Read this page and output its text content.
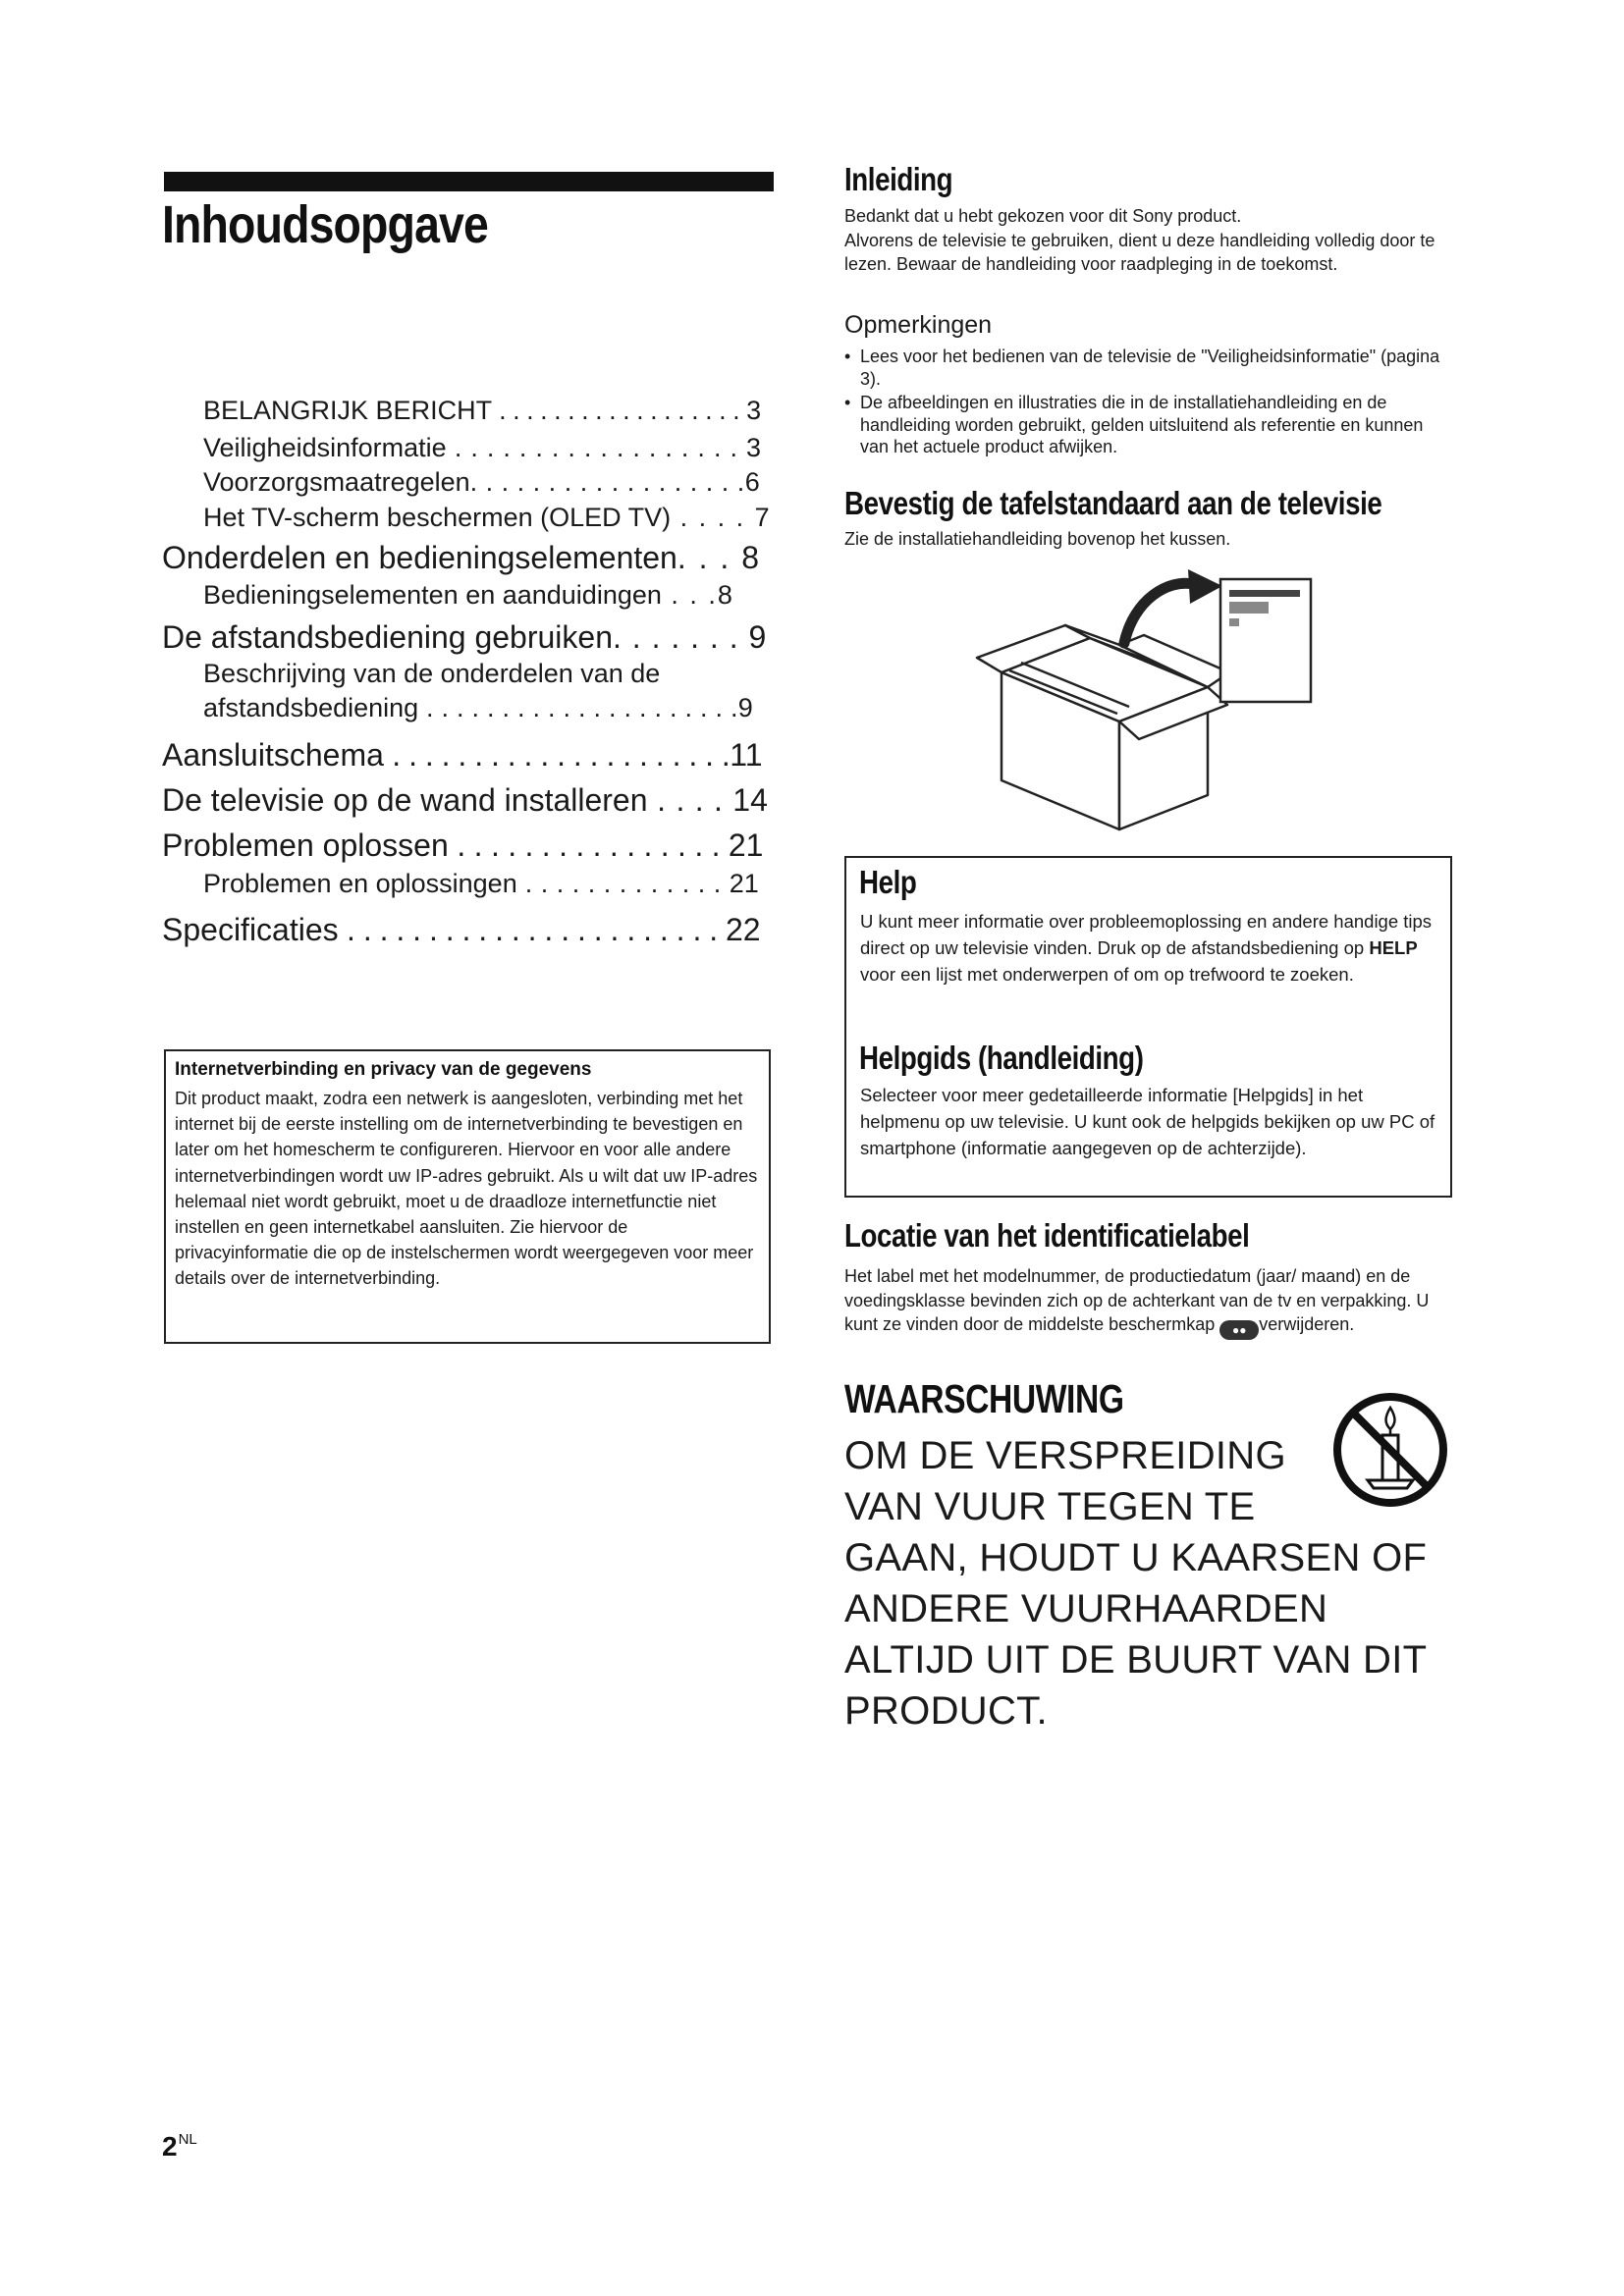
Inhoudsopgave
BELANGRIJK BERICHT . . . . . . . . . . . . . . . . . . 3
Veiligheidsinformatie . . . . . . . . . . . . . . . . . . 3
Voorzorgsmaatregelen . . . . . . . . . . . . . . . . . . 6
Het TV-scherm beschermen (OLED TV) . . . . 7
Onderdelen en bedieningselementen . . . 8
Bedieningselementen en aanduidingen . . . 8
De afstandsbediening gebruiken . . . . . . . 9
Beschrijving van de onderdelen van de
afstandsbediening . . . . . . . . . . . . . . . . . . . . . 9
Aansluitschema . . . . . . . . . . . . . . . . . . . . . 11
De televisie op de wand installeren . . . . 14
Problemen oplossen . . . . . . . . . . . . . . . . 21
Problemen en oplossingen . . . . . . . . . . . . . 21
Specificaties . . . . . . . . . . . . . . . . . . . . . . . 22
Internetverbinding en privacy van de gegevens

Dit product maakt, zodra een netwerk is aangesloten, verbinding met het internet bij de eerste instelling om de internetverbinding te bevestigen en later om het homescherm te configureren. Hiervoor en voor alle andere internetverbindingen wordt uw IP-adres gebruikt. Als u wilt dat uw IP-adres helemaal niet wordt gebruikt, moet u de draadloze internetfunctie niet instellen en geen internetkabel aansluiten. Zie hiervoor de privacyinformatie die op de instelschermen wordt weergegeven voor meer details over de internetverbinding.

Inleiding

Bedankt dat u hebt gekozen voor dit Sony product.

Alvorens de televisie te gebruiken, dient u deze handleiding volledig door te lezen. Bewaar de handleiding voor raadpleging in de toekomst.

Opmerkingen
• Lees voor het bedienen van de televisie de "Veiligheidsinformatie" (pagina 3).
• De afbeeldingen en illustraties die in de installatiehandleiding en de handleiding worden gebruikt, gelden uitsluitend als referentie en kunnen van het actuele product afwijken.
Bevestig de tafelstandaard aan de televisie
Zie de installatiehandleiding bovenop het kussen.
Help

U kunt meer informatie over probleemoplossing en andere handige tips direct op uw televisie vinden. Druk op de afstandsbediening op HELP voor een lijst met onderwerpen of om op trefwoord te zoeken.

Helpgids (handleiding)

Selecteer voor meer gedetailleerde informatie [Helpgids] in het helpmenu op uw televisie. U kunt ook de helpgids bekijken op uw PC of smartphone (informatie aangegeven op de achterzijde).

Locatie van het identificatielabel
Het label met het modelnummer, de productiedatum (jaar/ maand) en de voedingsklasse bevinden zich op de achterkant van de tv en verpakking. U kunt ze vinden door de middelste beschermkap ●● verwijderen.
WAARSCHUWING
OM DE VERSPREIDING
VAN VUUR TEGEN TE
GAAN, HOUDT U KAARSEN OF
ANDERE VUURHAARDEN
ALTIJD UIT DE BUURT VAN DIT
PRODUCT.
$2^{NL}$
